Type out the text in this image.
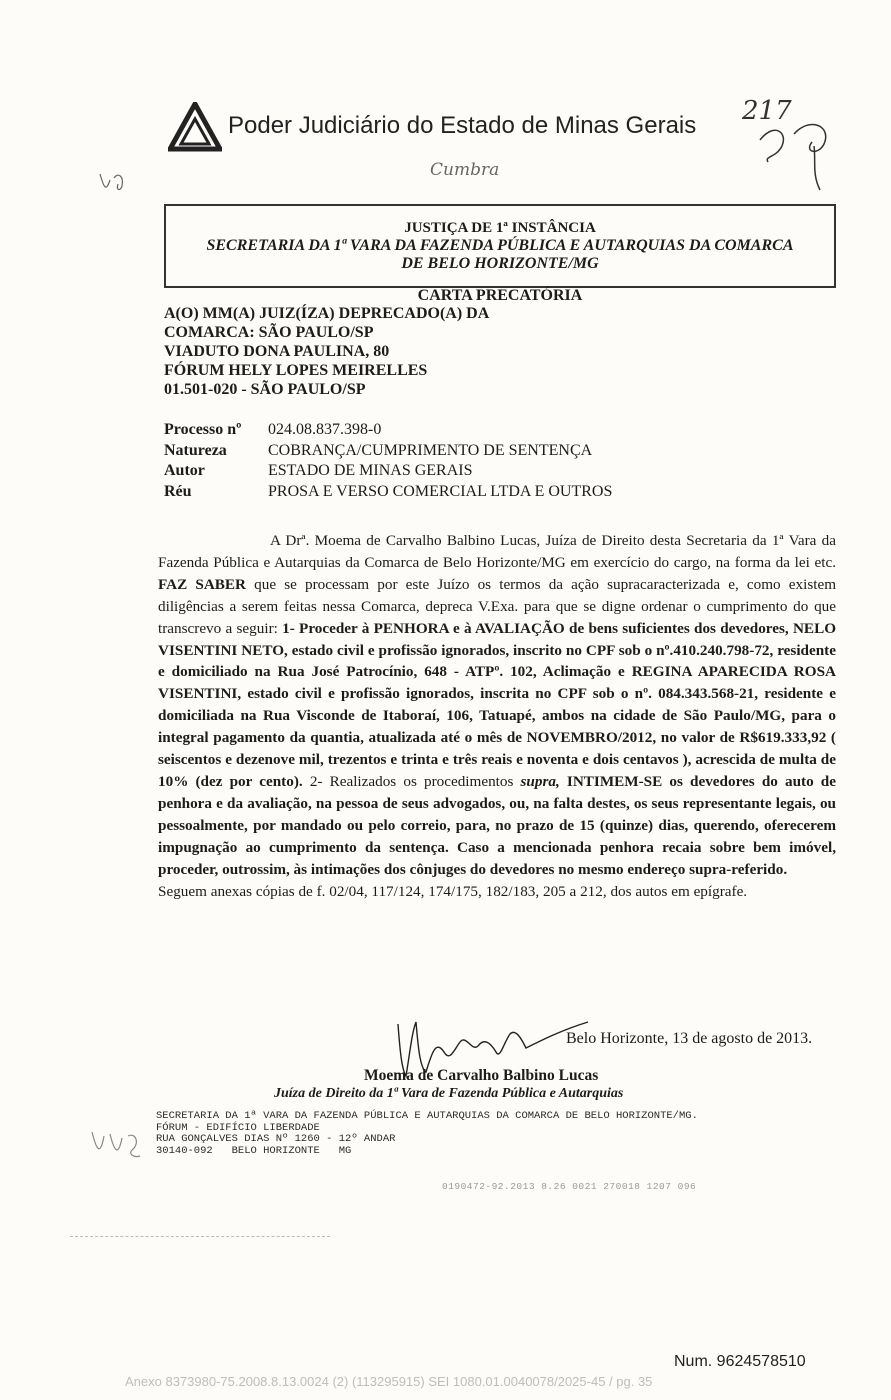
Poder Judiciário do Estado de Minas Gerais 217
Cumbra
JUSTIÇA DE 1ª INSTÂNCIA
SECRETARIA DA 1ª VARA DA FAZENDA PÚBLICA E AUTARQUIAS DA COMARCA
DE BELO HORIZONTE/MG
CARTA PRECATÓRIA
A(O) MM(A) JUIZ(ÍZA) DEPRECADO(A) DA
COMARCA: SÃO PAULO/SP
VIADUTO DONA PAULINA, 80
FÓRUM HELY LOPES MEIRELLES
01.501-020 - SÃO PAULO/SP
Processo nº	024.08.837.398-0
Natureza	COBRANÇA/CUMPRIMENTO DE SENTENÇA
Autor	ESTADO DE MINAS GERAIS
Réu	PROSA E VERSO COMERCIAL LTDA E OUTROS

A Drª. Moema de Carvalho Balbino Lucas, Juíza de Direito desta Secretaria da 1ª Vara da Fazenda Pública e Autarquias da Comarca de Belo Horizonte/MG em exercício do cargo, na forma da lei etc. FAZ SABER que se processam por este Juízo os termos da ação supracaracterizada e, como existem diligências a serem feitas nessa Comarca, depreca V.Exa. para que se digne ordenar o cumprimento do que transcrevo a seguir: 1- Proceder à PENHORA e à AVALIAÇÃO de bens suficientes dos devedores, NELO VISENTINI NETO, estado civil e profissão ignorados, inscrito no CPF sob o nº.410.240.798-72, residente e domiciliado na Rua José Patrocínio, 648 - ATPº. 102, Aclimação e REGINA APARECIDA ROSA VISENTINI, estado civil e profissão ignorados, inscrita no CPF sob o nº. 084.343.568-21, residente e domiciliada na Rua Visconde de Itaboraí, 106, Tatuapé, ambos na cidade de São Paulo/MG, para o integral pagamento da quantia, atualizada até o mês de NOVEMBRO/2012, no valor de R$619.333,92 ( seiscentos e dezenove mil, trezentos e trinta e três reais e noventa e dois centavos ), acrescida de multa de 10% (dez por cento). 2- Realizados os procedimentos supra, INTIMEM-SE os devedores do auto de penhora e da avaliação, na pessoa de seus advogados, ou, na falta destes, os seus representante legais, ou pessoalmente, por mandado ou pelo correio, para, no prazo de 15 (quinze) dias, querendo, oferecerem impugnação ao cumprimento da sentença. Caso a mencionada penhora recaia sobre bem imóvel, proceder, outrossim, às intimações dos cônjuges do devedores no mesmo endereço supra-referido.

Seguem anexas cópias de f. 02/04, 117/124, 174/175, 182/183, 205 a 212, dos autos em epígrafe.
Belo Horizonte, 13 de agosto de 2013.
Moema de Carvalho Balbino Lucas
Juíza de Direito da 1ª Vara de Fazenda Pública e Autarquias
SECRETARIA DA 1ª VARA DA FAZENDA PÚBLICA E AUTARQUIAS DA COMARCA DE BELO HORIZONTE/MG.
FÓRUM - EDIFÍCIO LIBERDADE
RUA GONÇALVES DIAS Nº 1260 - 12º ANDAR
30140-092   BELO HORIZONTE   MG
0190472-92.2013 8.26 0021 270018 1207 096
Num. 9624578510
Anexo 8373980-75.2008.8.13.0024 (2) (113295915) SEI 1080.01.0040078/2025-45 / pg. 35
